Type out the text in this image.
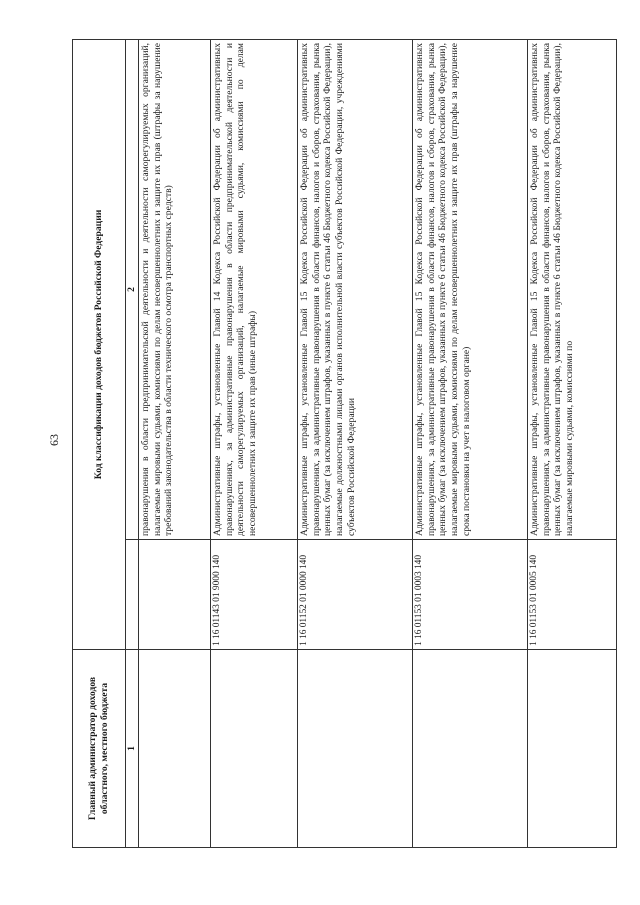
63
Главный администратор доходов областного, местного бюджета	Код классификации доходов бюджетов Российской Федерации	
1		2
		правонарушения в области предпринимательской деятельности и деятельности саморегулируемых организаций, налагаемые мировыми судьями, комиссиями по делам несовершеннолетних и защите их прав (штрафы за нарушение требований законодательства в области технического осмотра транспортных средств)
	1 16 01143 01 9000 140	Административные штрафы, установленные Главой 14 Кодекса Российской Федерации об административных правонарушениях, за административные правонарушения в области предпринимательской деятельности и деятельности саморегулируемых организаций, налагаемые мировыми судьями, комиссиями по делам несовершеннолетних и защите их прав (иные штрафы)
	1 16 01152 01 0000 140	Административные штрафы, установленные Главой 15 Кодекса Российской Федерации об административных правонарушениях, за административные правонарушения в области финансов, налогов и сборов, страхования, рынка ценных бумаг (за исключением штрафов, указанных в пункте 6 статьи 46 Бюджетного кодекса Российской Федерации), налагаемые должностными лицами органов исполнительной власти субъектов Российской Федерации, учреждениями субъектов Российской Федерации
	1 16 01153 01 0003 140	Административные штрафы, установленные Главой 15 Кодекса Российской Федерации об административных правонарушениях, за административные правонарушения в области финансов, налогов и сборов, страхования, рынка ценных бумаг (за исключением штрафов, указанных в пункте 6 статьи 46 Бюджетного кодекса Российской Федерации), налагаемые мировыми судьями, комиссиями по делам несовершеннолетних и защите их прав (штрафы за нарушение срока постановки на учет в налоговом органе)
	1 16 01153 01 0005 140	Административные штрафы, установленные Главой 15 Кодекса Российской Федерации об административных правонарушениях, за административные правонарушения в области финансов, налогов и сборов, страхования, рынка ценных бумаг (за исключением штрафов, указанных в пункте 6 статьи 46 Бюджетного кодекса Российской Федерации), налагаемые мировыми судьями, комиссиями по
